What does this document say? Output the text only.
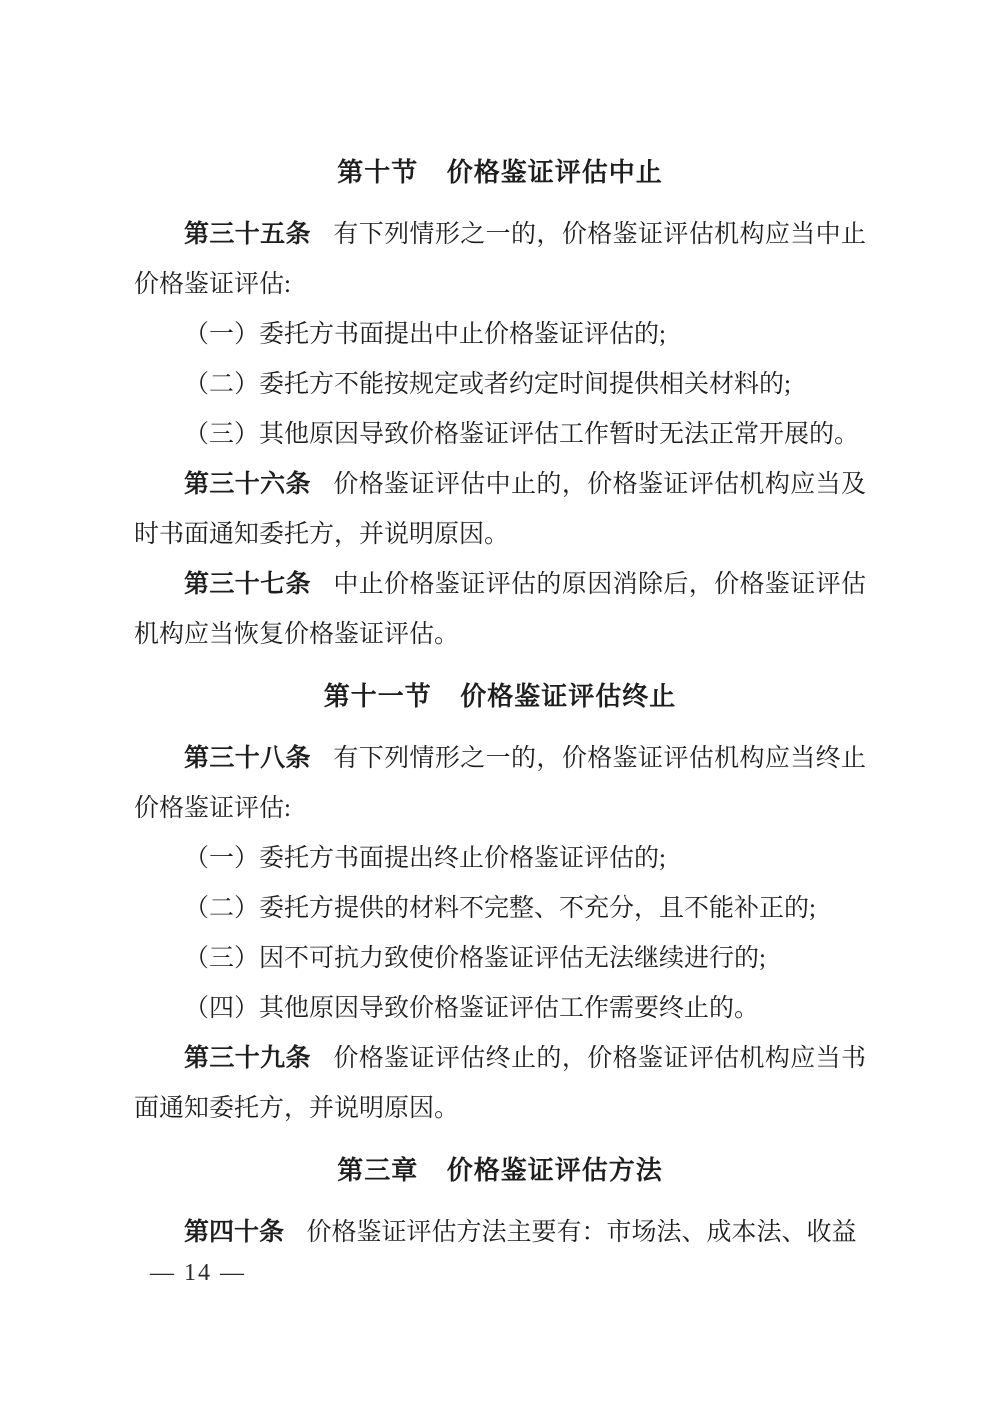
第十节 价格鉴证评估中止

第三十五条 有下列情形之一的，价格鉴证评估机构应当中止价格鉴证评估:

（一）委托方书面提出中止价格鉴证评估的;

（二）委托方不能按规定或者约定时间提供相关材料的;

（三）其他原因导致价格鉴证评估工作暂时无法正常开展的。

第三十六条 价格鉴证评估中止的，价格鉴证评估机构应当及时书面通知委托方，并说明原因。

第三十七条 中止价格鉴证评估的原因消除后，价格鉴证评估机构应当恢复价格鉴证评估。

第十一节 价格鉴证评估终止

第三十八条 有下列情形之一的，价格鉴证评估机构应当终止价格鉴证评估:

（一）委托方书面提出终止价格鉴证评估的;

（二）委托方提供的材料不完整、不充分，且不能补正的;

（三）因不可抗力致使价格鉴证评估无法继续进行的;

（四）其他原因导致价格鉴证评估工作需要终止的。

第三十九条 价格鉴证评估终止的，价格鉴证评估机构应当书面通知委托方，并说明原因。

第三章 价格鉴证评估方法

第四十条 价格鉴证评估方法主要有：市场法、成本法、收益

— 14 —
